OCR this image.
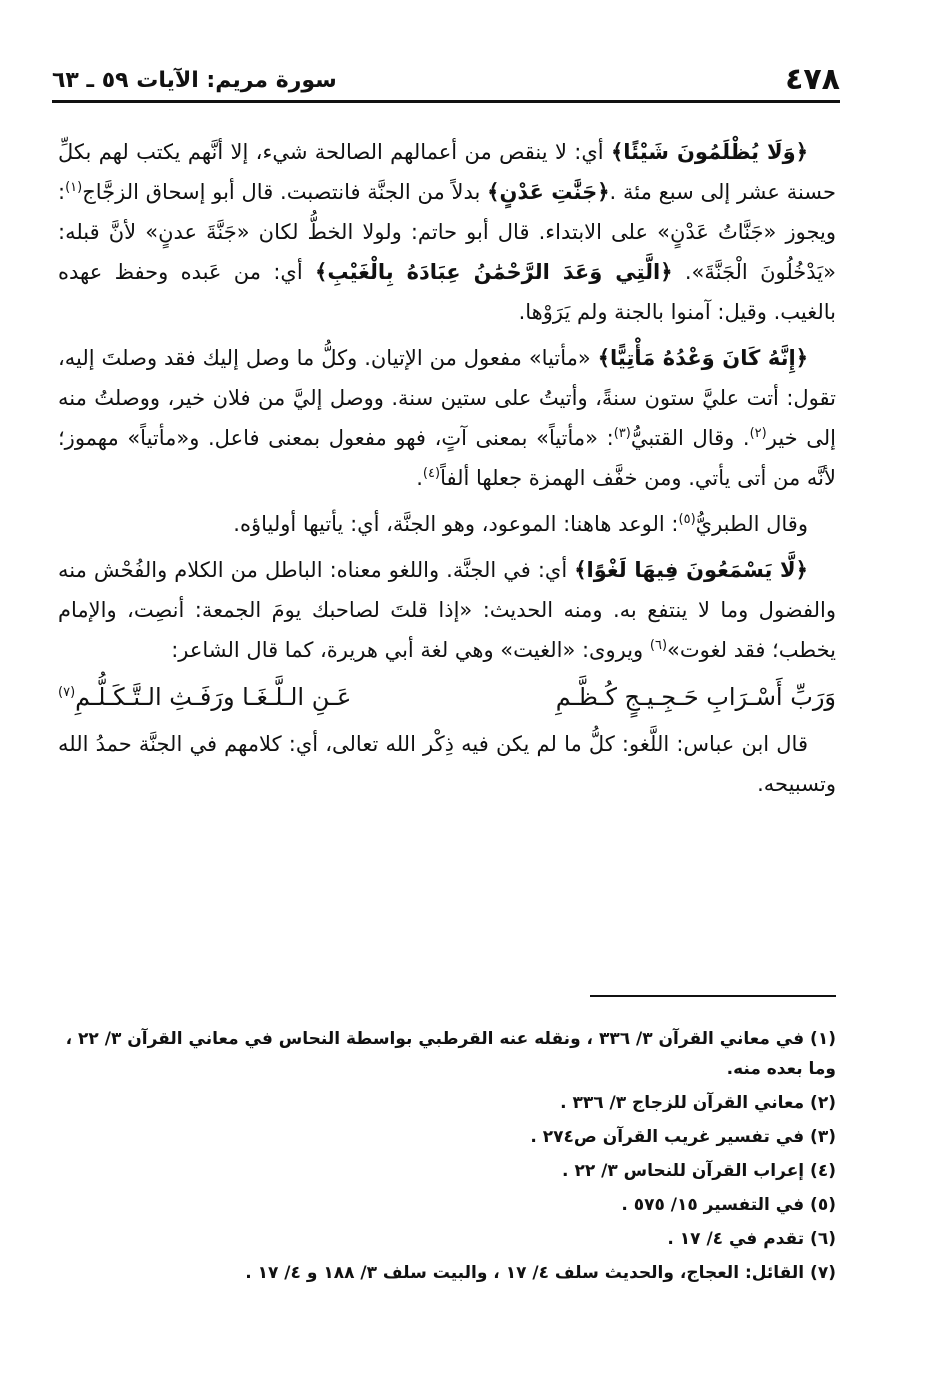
٤٧٨
سورة مريم: الآيات ٥٩ ـ ٦٣

﴿وَلَا يُظْلَمُونَ شَيْئًا﴾ أي: لا ينقص من أعمالهم الصالحة شيء، إلا أنَّهم يكتب لهم بكلِّ حسنة عشر إلى سبع مئة .﴿جَنَّٰتِ عَدْنٍ﴾ بدلاً من الجنَّة فانتصبت. قال أبو إسحاق الزجَّاج$^{(١)}$: ويجوز «جَنَّاتُ عَدْنٍ» على الابتداء. قال أبو حاتم: ولولا الخطُّ لكان «جَنَّةَ عدنٍ» لأنَّ قبله: «يَدْخُلُونَ الْجَنَّةَ». ﴿الَّتِي وَعَدَ الرَّحْمَٰنُ عِبَادَهُ بِالْغَيْبِ﴾ أي: من عَبده وحفظ عهده بالغيب. وقيل: آمنوا بالجنة ولم يَرَوْها.

﴿إِنَّهُ كَانَ وَعْدُهُ مَأْتِيًّا﴾ «مأتيا» مفعول من الإتيان. وكلُّ ما وصل إليك فقد وصلتَ إليه، تقول: أتت عليَّ ستون سنةً، وأتيتُ على ستين سنة. ووصل إليَّ من فلان خير، ووصلتُ منه إلى خير$^{(٢)}$. وقال القتبيُّ$^{(٣)}$: «مأتياً» بمعنى آتٍ، فهو مفعول بمعنى فاعل. و«مأتياً» مهموز؛ لأنَّه من أتى يأتي. ومن خفَّف الهمزة جعلها ألفاً$^{(٤)}$.

وقال الطبريُّ$^{(٥)}$: الوعد هاهنا: الموعود، وهو الجنَّة، أي: يأتيها أولياؤه.

﴿لَّا يَسْمَعُونَ فِيهَا لَغْوًا﴾ أي: في الجنَّة. واللغو معناه: الباطل من الكلام والفُحْش منه والفضول وما لا ينتفع به. ومنه الحديث: «إذا قلتَ لصاحبك يومَ الجمعة: أنصِت، والإمام يخطب؛ فقد لغوت»$^{(٦)}$ ويروى: «الغيت» وهي لغة أبي هريرة، كما قال الشاعر:

وَرَبِّ أَسْـرَابِ حَـجِـيـجٍ كُـظَّـمِ
عَـنِ الـلَّـغَـا ورَفَـثِ الـتَّـكَـلُّـمِ(٧)

قال ابن عباس: اللَّغو: كلُّ ما لم يكن فيه ذِكْر الله تعالى، أي: كلامهم في الجنَّة حمدُ الله وتسبيحه.

(١) في معاني القرآن ٣/ ٣٣٦ ، ونقله عنه القرطبي بواسطة النحاس في معاني القرآن ٣/ ٢٢ ، وما بعده منه.

(٢) معاني القرآن للزجاج ٣/ ٣٣٦ .

(٣) في تفسير غريب القرآن ص٢٧٤ .

(٤) إعراب القرآن للنحاس ٣/ ٢٢ .

(٥) في التفسير ١٥/ ٥٧٥ .

(٦) تقدم في ٤/ ١٧ .

(٧) القائل: العجاج، والحديث سلف ٤/ ١٧ ، والبيت سلف ٣/ ١٨٨ و ٤/ ١٧ .
